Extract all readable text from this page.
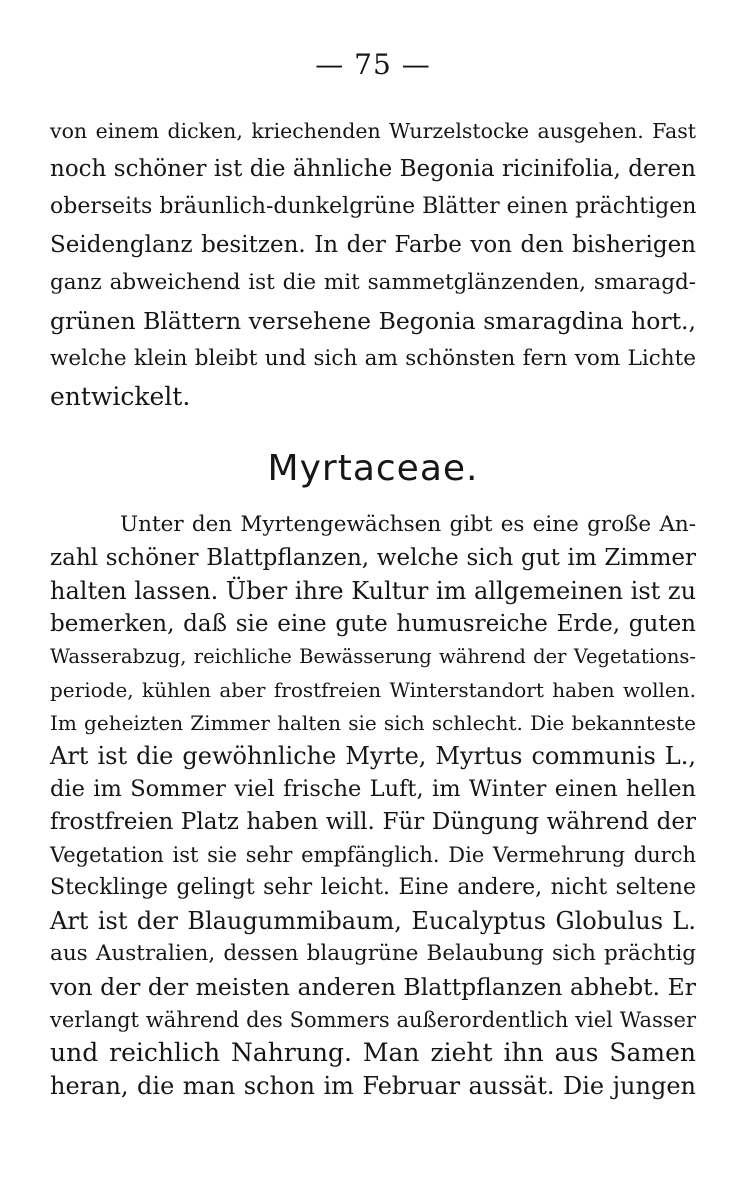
— 75 —
von einem dicken, kriechenden Wurzelstocke ausgehen. Fast
noch schöner ist die ähnliche Begonia ricinifolia, deren
oberseits bräunlich-dunkelgrüne Blätter einen prächtigen
Seidenglanz besitzen. In der Farbe von den bisherigen
ganz abweichend ist die mit sammetglänzenden, smaragd-
grünen Blättern versehene Begonia smaragdina hort.,
welche klein bleibt und sich am schönsten fern vom Lichte
entwickelt.
Myrtaceae.
Unter den Myrtengewächsen gibt es eine große An-
zahl schöner Blattpflanzen, welche sich gut im Zimmer
halten lassen. Über ihre Kultur im allgemeinen ist zu
bemerken, daß sie eine gute humusreiche Erde, guten
Wasserabzug, reichliche Bewässerung während der Vegetations-
periode, kühlen aber frostfreien Winterstandort haben wollen.
Im geheizten Zimmer halten sie sich schlecht. Die bekannteste
Art ist die gewöhnliche Myrte, Myrtus communis L.,
die im Sommer viel frische Luft, im Winter einen hellen
frostfreien Platz haben will. Für Düngung während der
Vegetation ist sie sehr empfänglich. Die Vermehrung durch
Stecklinge gelingt sehr leicht. Eine andere, nicht seltene
Art ist der Blaugummibaum, Eucalyptus Globulus L.
aus Australien, dessen blaugrüne Belaubung sich prächtig
von der der meisten anderen Blattpflanzen abhebt. Er
verlangt während des Sommers außerordentlich viel Wasser
und reichlich Nahrung. Man zieht ihn aus Samen
heran, die man schon im Februar aussät. Die jungen
